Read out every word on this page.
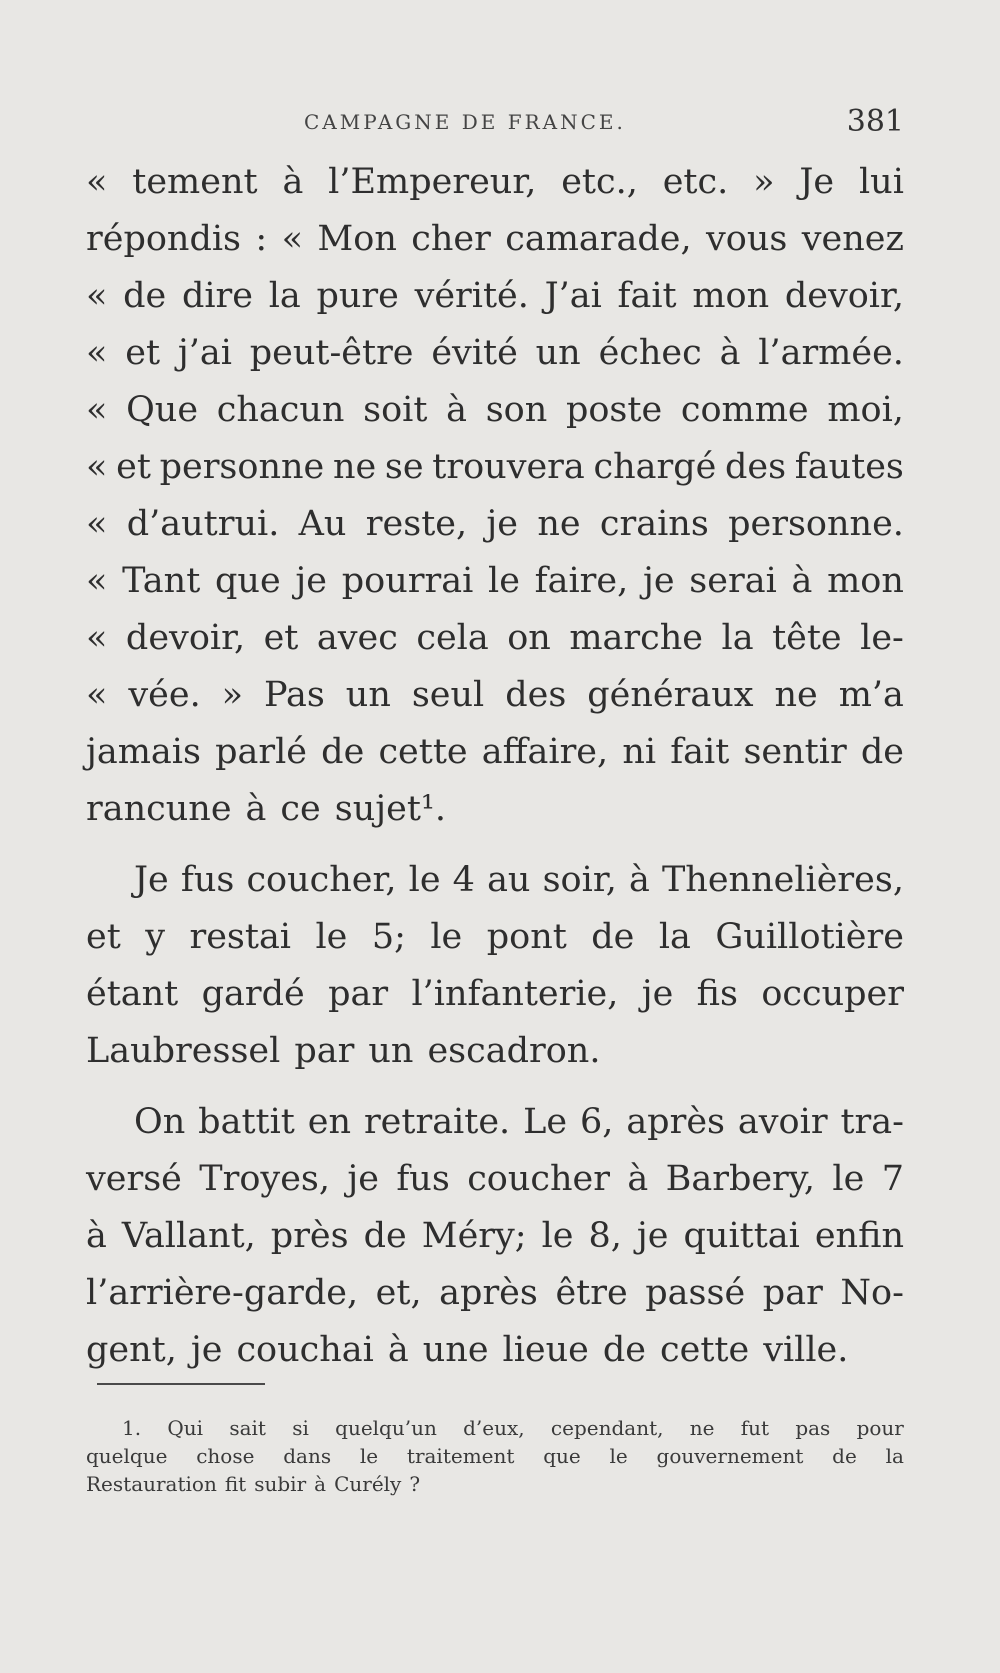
CAMPAGNE DE FRANCE.	381
« tement à l’Empereur, etc., etc. » Je lui
répondis : « Mon cher camarade, vous venez
« de dire la pure vérité. J’ai fait mon devoir,
« et j’ai peut-être évité un échec à l’armée.
« Que chacun soit à son poste comme moi,
« et personne ne se trouvera chargé des fautes
« d’autrui. Au reste, je ne crains personne.
« Tant que je pourrai le faire, je serai à mon
« devoir, et avec cela on marche la tête le-
« vée. » Pas un seul des généraux ne m’a
jamais parlé de cette affaire, ni fait sentir de
rancune à ce sujet¹.
Je fus coucher, le 4 au soir, à Thennelières,
et y restai le 5; le pont de la Guillotière
étant gardé par l’infanterie, je fis occuper
Laubressel par un escadron.
On battit en retraite. Le 6, après avoir tra-
versé Troyes, je fus coucher à Barbery, le 7
à Vallant, près de Méry; le 8, je quittai enfin
l’arrière-garde, et, après être passé par No-
gent, je couchai à une lieue de cette ville.
1. Qui sait si quelqu’un d’eux, cependant, ne fut pas pour
quelque chose dans le traitement que le gouvernement de la
Restauration fit subir à Curély ?
